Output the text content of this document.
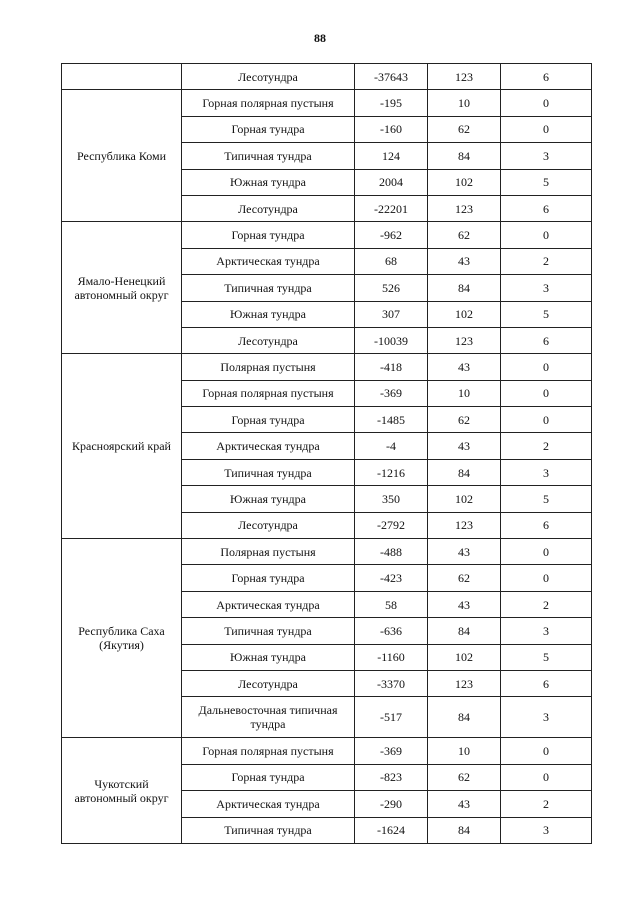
88
	Лесотундра	-37643	123	6
Республика Коми	Горная полярная пустыня	-195	10	0
	Горная тундра	-160	62	0
	Типичная тундра	124	84	3
	Южная тундра	2004	102	5
	Лесотундра	-22201	123	6
Ямало-Ненецкий автономный округ	Горная тундра	-962	62	0
	Арктическая тундра	68	43	2
	Типичная тундра	526	84	3
	Южная тундра	307	102	5
	Лесотундра	-10039	123	6
Красноярский край	Полярная пустыня	-418	43	0
	Горная полярная пустыня	-369	10	0
	Горная тундра	-1485	62	0
	Арктическая тундра	-4	43	2
	Типичная тундра	-1216	84	3
	Южная тундра	350	102	5
	Лесотундра	-2792	123	6
Республика Саха (Якутия)	Полярная пустыня	-488	43	0
	Горная тундра	-423	62	0
	Арктическая тундра	58	43	2
	Типичная тундра	-636	84	3
	Южная тундра	-1160	102	5
	Лесотундра	-3370	123	6
	Дальневосточная типичная тундра	-517	84	3
Чукотский автономный округ	Горная полярная пустыня	-369	10	0
	Горная тундра	-823	62	0
	Арктическая тундра	-290	43	2
	Типичная тундра	-1624	84	3
